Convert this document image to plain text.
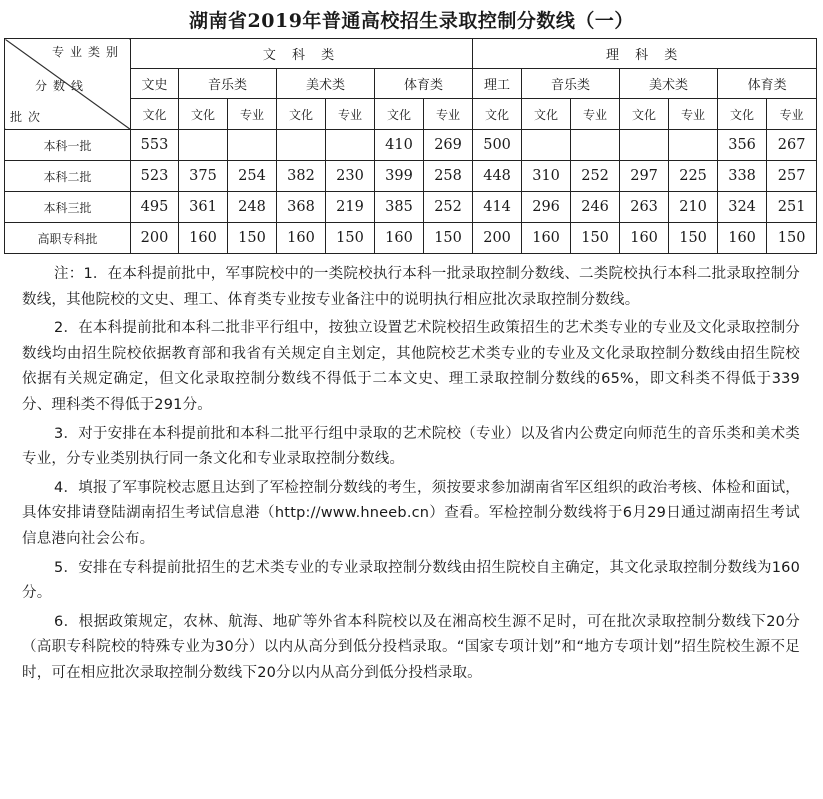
湖南省2019年普通高校招生录取控制分数线（一）
专业类别
分数线
批次	文 科 类							理 科 类						
	文史	音乐类		美术类		体育类		理工	音乐类		美术类		体育类	
	文化	文化	专业	文化	专业	文化	专业	文化	文化	专业	文化	专业	文化	专业
本科一批	553					410	269	500					356	267
本科二批	523	375	254	382	230	399	258	448	310	252	297	225	338	257
本科三批	495	361	248	368	219	385	252	414	296	246	263	210	324	251
高职专科批	200	160	150	160	150	160	150	200	160	150	160	150	160	150

注：1．在本科提前批中，军事院校中的一类院校执行本科一批录取控制分数线、二类院校执行本科二批录取控制分数线，其他院校的文史、理工、体育类专业按专业备注中的说明执行相应批次录取控制分数线。

2．在本科提前批和本科二批非平行组中，按独立设置艺术院校招生政策招生的艺术类专业的专业及文化录取控制分数线均由招生院校依据教育部和我省有关规定自主划定，其他院校艺术类专业的专业及文化录取控制分数线由招生院校依据有关规定确定，但文化录取控制分数线不得低于二本文史、理工录取控制分数线的65%，即文科类不得低于339分、理科类不得低于291分。

3．对于安排在本科提前批和本科二批平行组中录取的艺术院校（专业）以及省内公费定向师范生的音乐类和美术类专业，分专业类别执行同一条文化和专业录取控制分数线。

4．填报了军事院校志愿且达到了军检控制分数线的考生，须按要求参加湖南省军区组织的政治考核、体检和面试，具体安排请登陆湖南招生考试信息港（http://www.hneeb.cn）查看。军检控制分数线将于6月29日通过湖南招生考试信息港向社会公布。

5．安排在专科提前批招生的艺术类专业的专业录取控制分数线由招生院校自主确定，其文化录取控制分数线为160分。

6．根据政策规定，农林、航海、地矿等外省本科院校以及在湘高校生源不足时，可在批次录取控制分数线下20分（高职专科院校的特殊专业为30分）以内从高分到低分投档录取。“国家专项计划”和“地方专项计划”招生院校生源不足时，可在相应批次录取控制分数线下20分以内从高分到低分投档录取。
